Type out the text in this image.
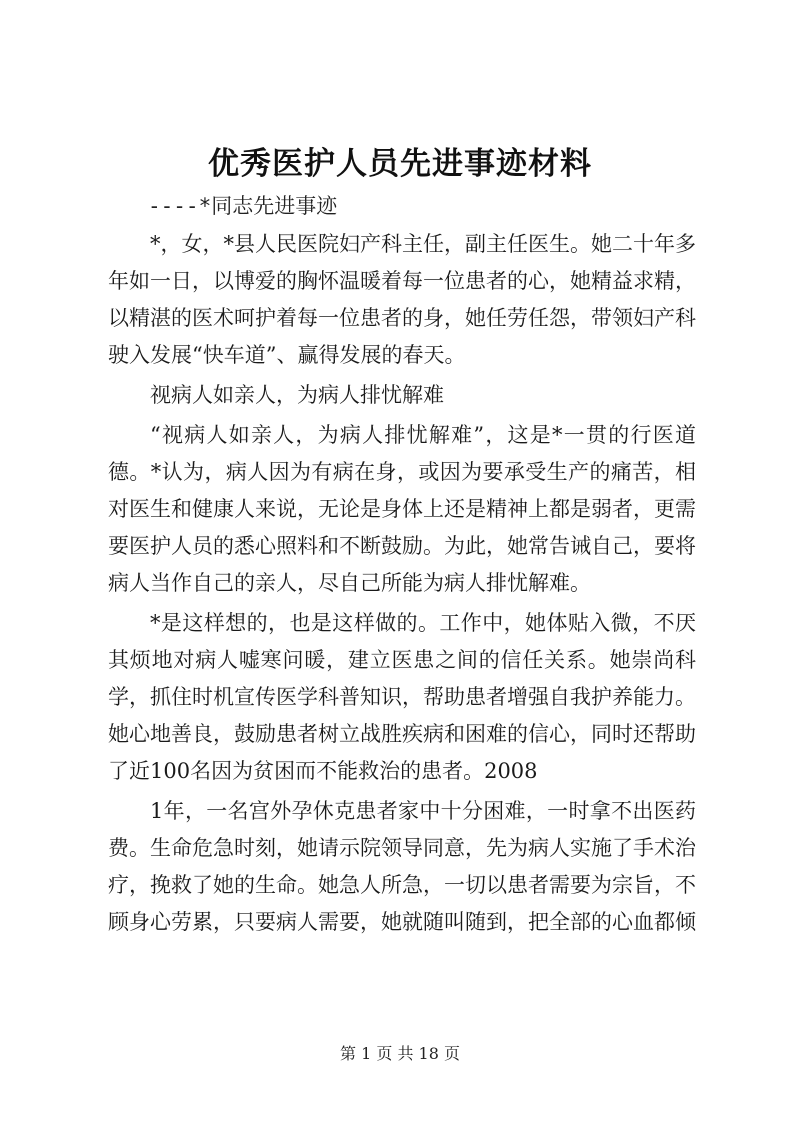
优秀医护人员先进事迹材料
----*同志先进事迹

*，女，*县人民医院妇产科主任，副主任医生。她二十年多年如一日，以博爱的胸怀温暖着每一位患者的心，她精益求精，以精湛的医术呵护着每一位患者的身，她任劳任怨，带领妇产科驶入发展“快车道”、赢得发展的春天。

视病人如亲人，为病人排忧解难

“视病人如亲人，为病人排忧解难”，这是*一贯的行医道德。*认为，病人因为有病在身，或因为要承受生产的痛苦，相对医生和健康人来说，无论是身体上还是精神上都是弱者，更需要医护人员的悉心照料和不断鼓励。为此，她常告诫自己，要将病人当作自己的亲人，尽自己所能为病人排忧解难。

*是这样想的，也是这样做的。工作中，她体贴入微，不厌其烦地对病人嘘寒问暖，建立医患之间的信任关系。她崇尚科学，抓住时机宣传医学科普知识，帮助患者增强自我护养能力。她心地善良，鼓励患者树立战胜疾病和困难的信心，同时还帮助了近100名因为贫困而不能救治的患者。2008

1年，一名宫外孕休克患者家中十分困难，一时拿不出医药费。生命危急时刻，她请示院领导同意，先为病人实施了手术治疗，挽救了她的生命。她急人所急，一切以患者需要为宗旨，不顾身心劳累，只要病人需要，她就随叫随到，把全部的心血都倾

第 1 页 共 18 页
